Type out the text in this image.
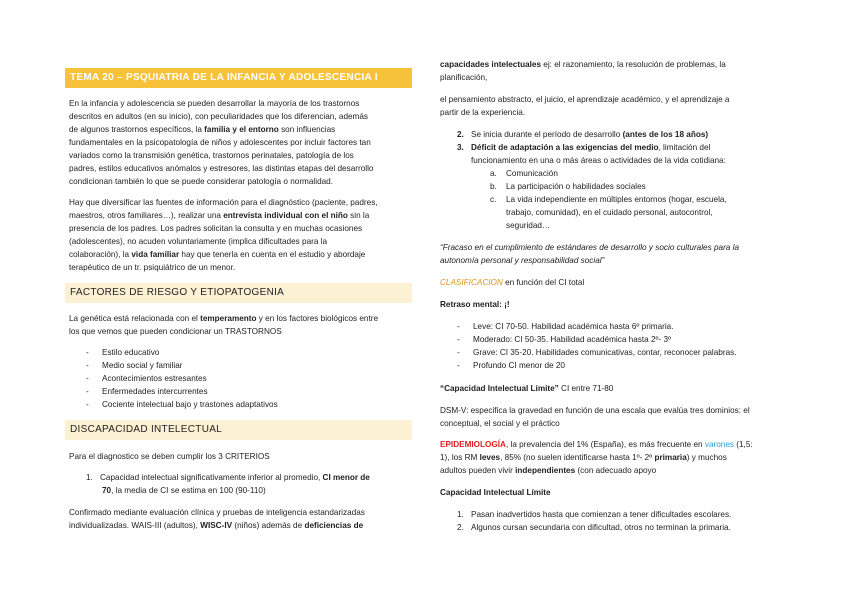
TEMA 20 – PSQUIATRIA DE LA INFANCIA Y ADOLESCENCIA I
En la infancia y adolescencia se pueden desarrollar la mayoría de los trastornos
descritos en adultos (en su inicio), con peculiaridades que los diferencian, además
de algunos trastornos específicos, la familia y el entorno son influencias
fundamentales en la psicopatología de niños y adolescentes por incluir factores tan
variados como la transmisión genética, trastornos perinatales, patología de los
padres, estilos educativos anómalos y estresores, las distintas etapas del desarrollo
condicionan también lo que se puede considerar patología o normalidad.
Hay que diversificar las fuentes de información para el diagnóstico (paciente, padres,
maestros, otros familiares…), realizar una entrevista individual con el niño sin la
presencia de los padres. Los padres solicitan la consulta y en muchas ocasiones
(adolescentes), no acuden voluntariamente (implica dificultades para la
colaboración), la vida familiar hay que tenerla en cuenta en el estudio y abordaje
terapéutico de un tr. psiquiátrico de un menor.
FACTORES DE RIESGO Y ETIOPATOGENIA
La genética está relacionada con el temperamento y en los factores biológicos entre
los que vemos que pueden condicionar un TRASTORNOS
- Estilo educativo
- Medio social y familiar
- Acontecimientos estresantes
- Enfermedades intercurrentes
- Cociente intelectual bajo y trastones adaptativos
DISCAPACIDAD INTELECTUAL
Para el diagnostico se deben cumplir los 3 CRITERIOS
1. Capacidad intelectual significativamente inferior al promedio, CI menor de
70, la media de CI se estima en 100 (90-110)
Confirmado mediante evaluación clínica y pruebas de inteligencia estandarizadas
individualizadas. WAIS-III (adultos), WISC-IV (niños) además de deficiencias de
capacidades intelectuales ej: el razonamiento, la resolución de problemas, la
planificación,
el pensamiento abstracto, el juicio, el aprendizaje académico, y el aprendizaje a
partir de la experiencia.
2. Se inicia durante el período de desarrollo (antes de los 18 años)
3. Déficit de adaptación a las exigencias del medio, limitación del
funcionamiento en una o más áreas o actividades de la vida cotidiana:
a. Comunicación
b. La participación o habilidades sociales
c. La vida independiente en múltiples entornos (hogar, escuela,
trabajo, comunidad), en el cuidado personal, autocontrol,
seguridad…
“Fracaso en el cumplimiento de estándares de desarrollo y socio culturales para la
autonomía personal y responsabilidad social”
CLASIFICACION en función del CI total
Retraso mental: ¡!
- Leve: CI 70-50. Habilidad académica hasta 6º primaria.
- Moderado: CI 50-35. Habilidad académica hasta 2º- 3º
- Grave: CI 35-20. Habilidades comunicativas, contar, reconocer palabras.
- Profundo CI menor de 20
“Capacidad Intelectual Límite” CI entre 71-80
DSM-V: especifica la gravedad en función de una escala que evalúa tres dominios: el
conceptual, el social y el práctico
EPIDEMIOLOGÍA, la prevalencia del 1% (España), es más frecuente en varones (1,5:
1), los RM leves, 85% (no suelen identificarse hasta 1º- 2º primaria) y muchos
adultos pueden vivir independientes (con adecuado apoyo
Capacidad Intelectual Límite
1. Pasan inadvertidos hasta que comienzan a tener dificultades escolares.
2. Algunos cursan secundaria con dificultad, otros no terminan la primaria.
